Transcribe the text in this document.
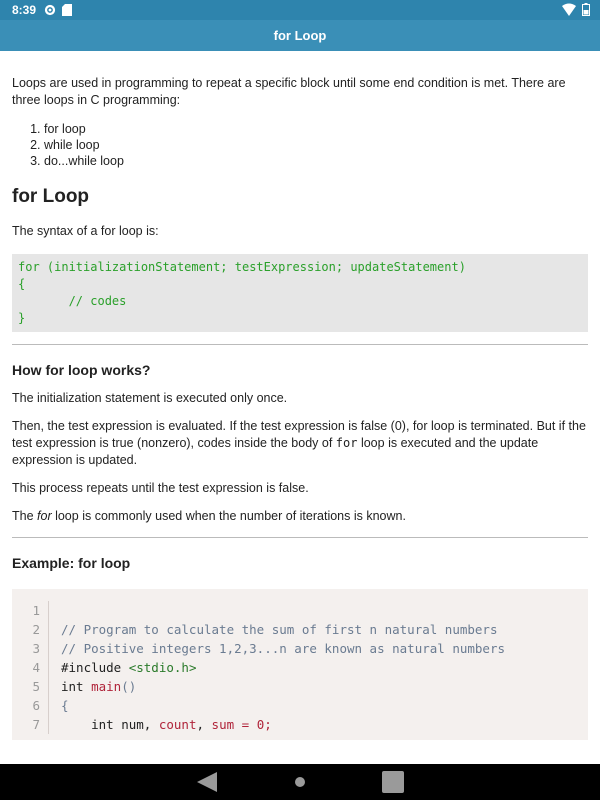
8:39
for Loop

Loops are used in programming to repeat a specific block until some end condition is met. There are three loops in C programming:

1. for loop
2. while loop
3. do...while loop
for Loop

The syntax of a for loop is:

for (initializationStatement; testExpression; updateStatement)
{
// codes
}
How for loop works?

The initialization statement is executed only once.

Then, the test expression is evaluated. If the test expression is false (0), for loop is terminated. But if the test expression is true (nonzero), codes inside the body of for loop is executed and the update expression is updated.

This process repeats until the test expression is false.

The for loop is commonly used when the number of iterations is known.

Example: for loop
1
2	// Program to calculate the sum of first n natural numbers
3	// Positive integers 1,2,3...n are known as natural numbers
4	#include <stdio.h>
5	int main ()
6	{
7	int num, count , sum = 0;
